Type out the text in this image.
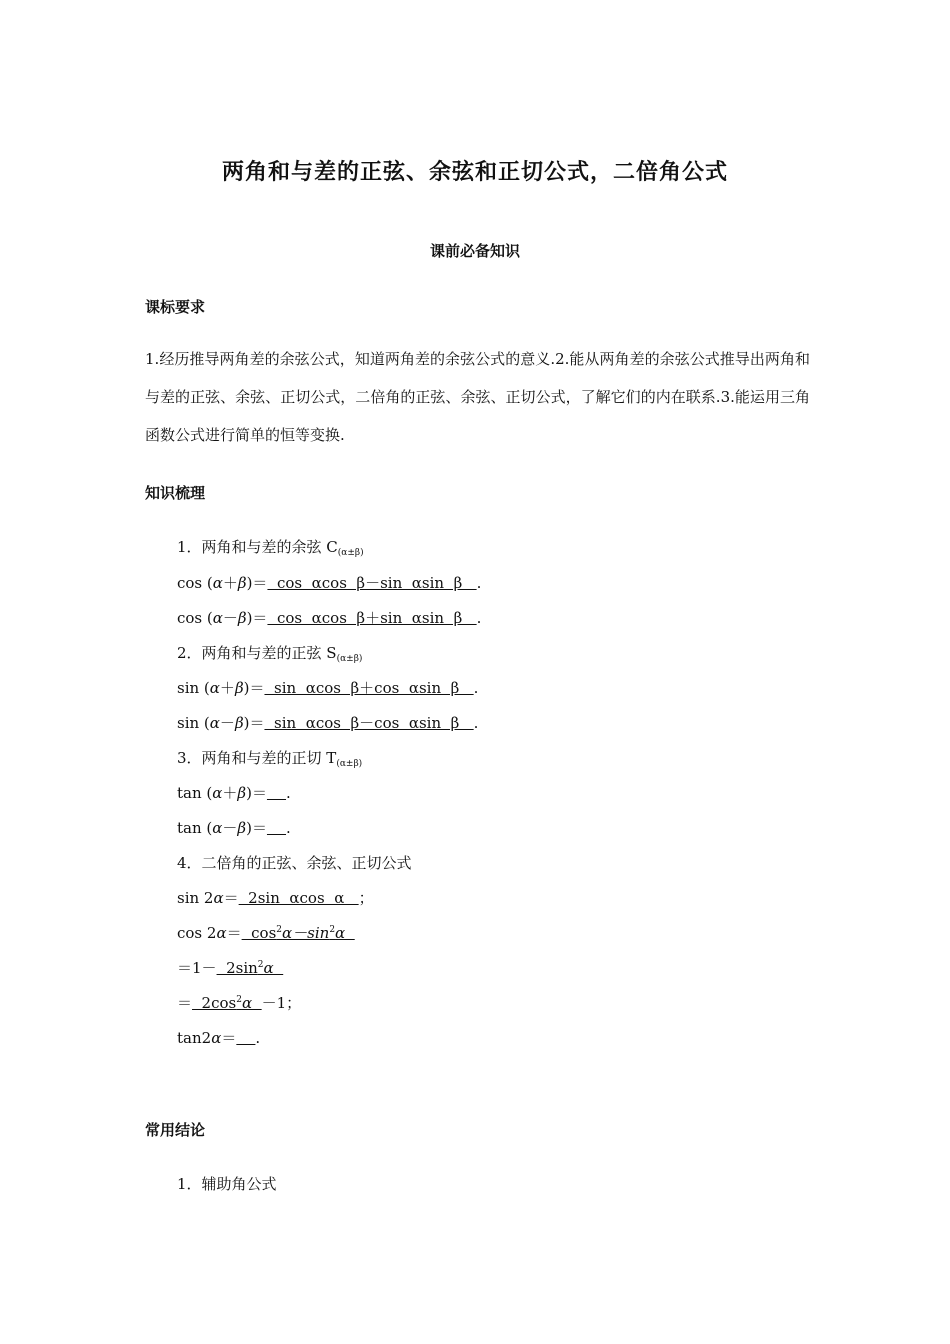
两角和与差的正弦、余弦和正切公式，二倍角公式
课前必备知识
课标要求

1.经历推导两角差的余弦公式，知道两角差的余弦公式的意义.2.能从两角差的余弦公式推导出两角和与差的正弦、余弦、正切公式，二倍角的正弦、余弦、正切公式，了解它们的内在联系.3.能运用三角函数公式进行简单的恒等变换.

知识梳理
1．两角和与差的余弦 $C_{(\alpha\pm\beta)}$
cos (α＋β)＝  cos  αcos  β－sin  αsin  β   .
cos (α－β)＝  cos  αcos  β＋sin  αsin  β   .
2．两角和与差的正弦 $S_{(\alpha\pm\beta)}$
sin (α＋β)＝  sin  αcos  β＋cos  αsin  β   .
sin (α－β)＝  sin  αcos  β－cos  αsin  β   .
3．两角和与差的正切 $T_{(\alpha\pm\beta)}$
tan (α＋β)＝ .
tan (α－β)＝ .
4．二倍角的正弦、余弦、正切公式
sin 2α＝  2sin  αcos  α   ；
$\cos 2\alpha= \cos^2\alpha-\sin^2\alpha$
$=1- 2\sin^2\alpha$
＝  $2\cos^2\alpha -1$；
tan2α＝ .
常用结论
1．辅助角公式
